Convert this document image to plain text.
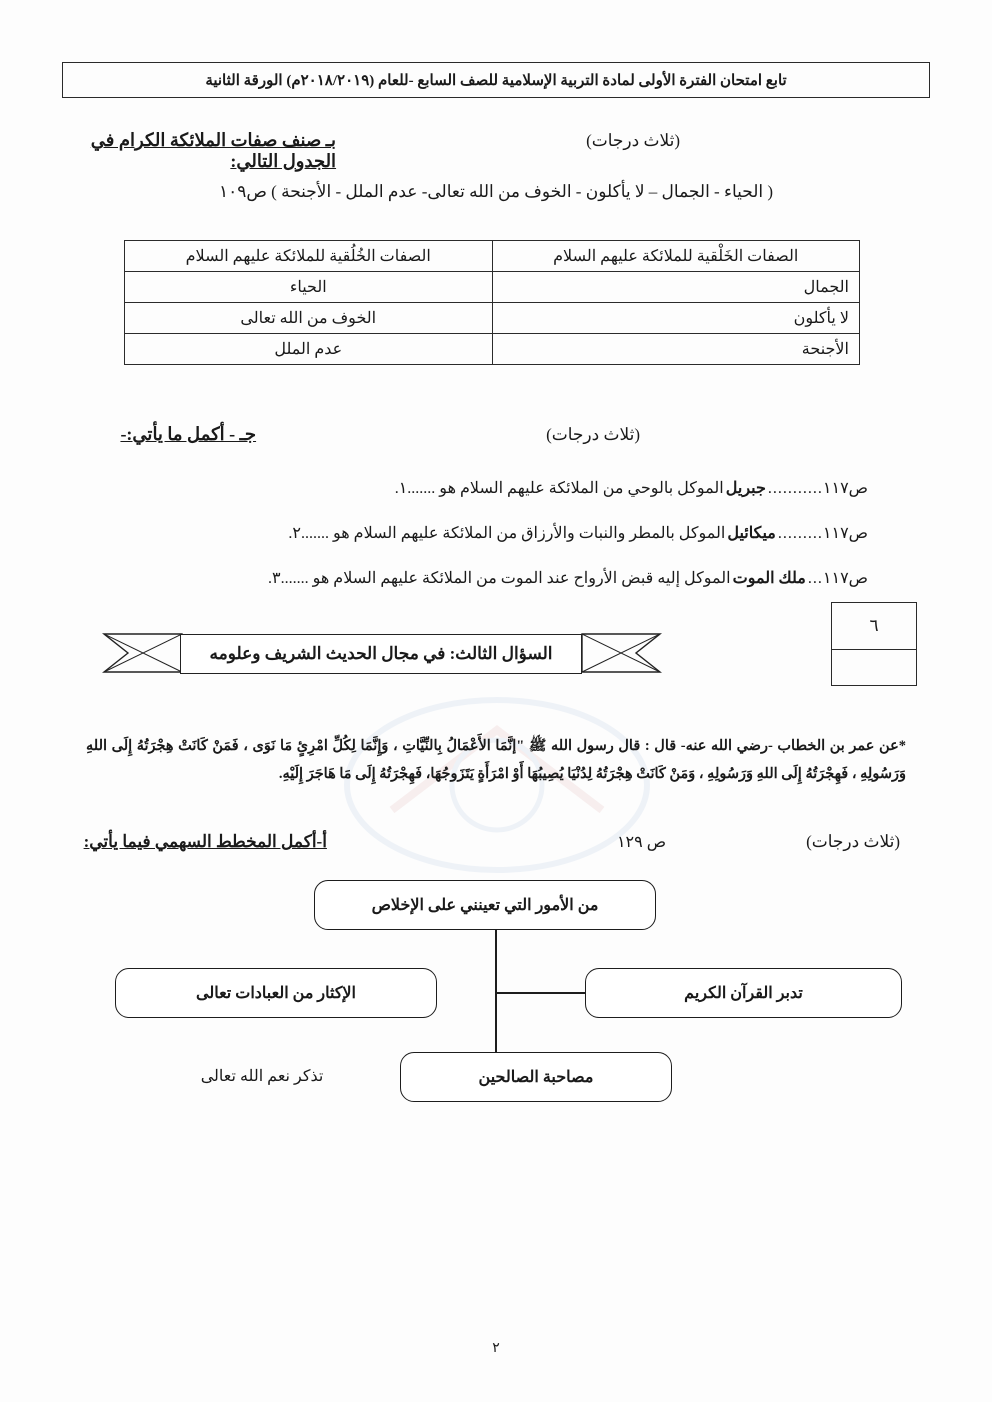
تابع امتحان الفترة الأولى لمادة التربية الإسلامية للصف السابع -للعام (٢٠١٨/٢٠١٩م) الورقة الثانية
(ثلاث درجات)
بـ صنف صفات الملائكة الكرام في الجدول التالي:
( الحياء - الجمال – لا يأكلون - الخوف من الله تعالى- عدم الملل - الأجنحة ) ص١٠٩
الصفات الخَلْقية للملائكة عليهم السلام	الصفات الخُلُقية للملائكة عليهم السلام
الجمال	الحياء
لا يأكلون	الخوف من الله تعالى
الأجنحة	عدم الملل
(ثلاث درجات)
جـ - أكمل ما يأتي:-
ص١١٧
...........
جبريل
الموكل بالوحي من الملائكة عليهم السلام هو .......
١.
ص١١٧
.........
ميكائيل
الموكل بالمطر والنبات والأرزاق من الملائكة عليهم السلام هو .......
٢.
ص١١٧
...
ملك الموت
الموكل إليه قبض الأرواح عند الموت من الملائكة عليهم السلام هو .......
٣.
٦
السؤال الثالث: في مجال الحديث الشريف وعلومه
*عن عمر بن الخطاب -رضي الله عنه- قال : قال رسول الله ﷺ "إنَّمَا الأَعْمَالُ بِالنِّيَّاتِ ، وَإِنَّمَا لِكُلِّ امْرِئٍ مَا نَوَى ، فَمَنْ كَانَتْ هِجْرَتُهُ إِلَى اللهِ وَرَسُولِهِ ، فَهِجْرَتُهُ إِلَى اللهِ وَرَسُولِهِ ، وَمَنْ كَانَتْ هِجْرَتُهُ لِدُنْيَا يُصِيبُهَا أَوْ امْرَأَةٍ يَتَزَوجُهَا، فَهِجْرَتُهُ إِلَى مَا هَاجَرَ إِلَيْهِ.
(ثلاث درجات)
ص ١٢٩
أ-أكمل المخطط السهمي فيما يأتي:
من الأمور التي تعينني على الإخلاص
الإكثار من العبادات تعالى	تدبر القرآن الكريم
مصاحبة الصالحين
تذكر نعم الله تعالى
٢
